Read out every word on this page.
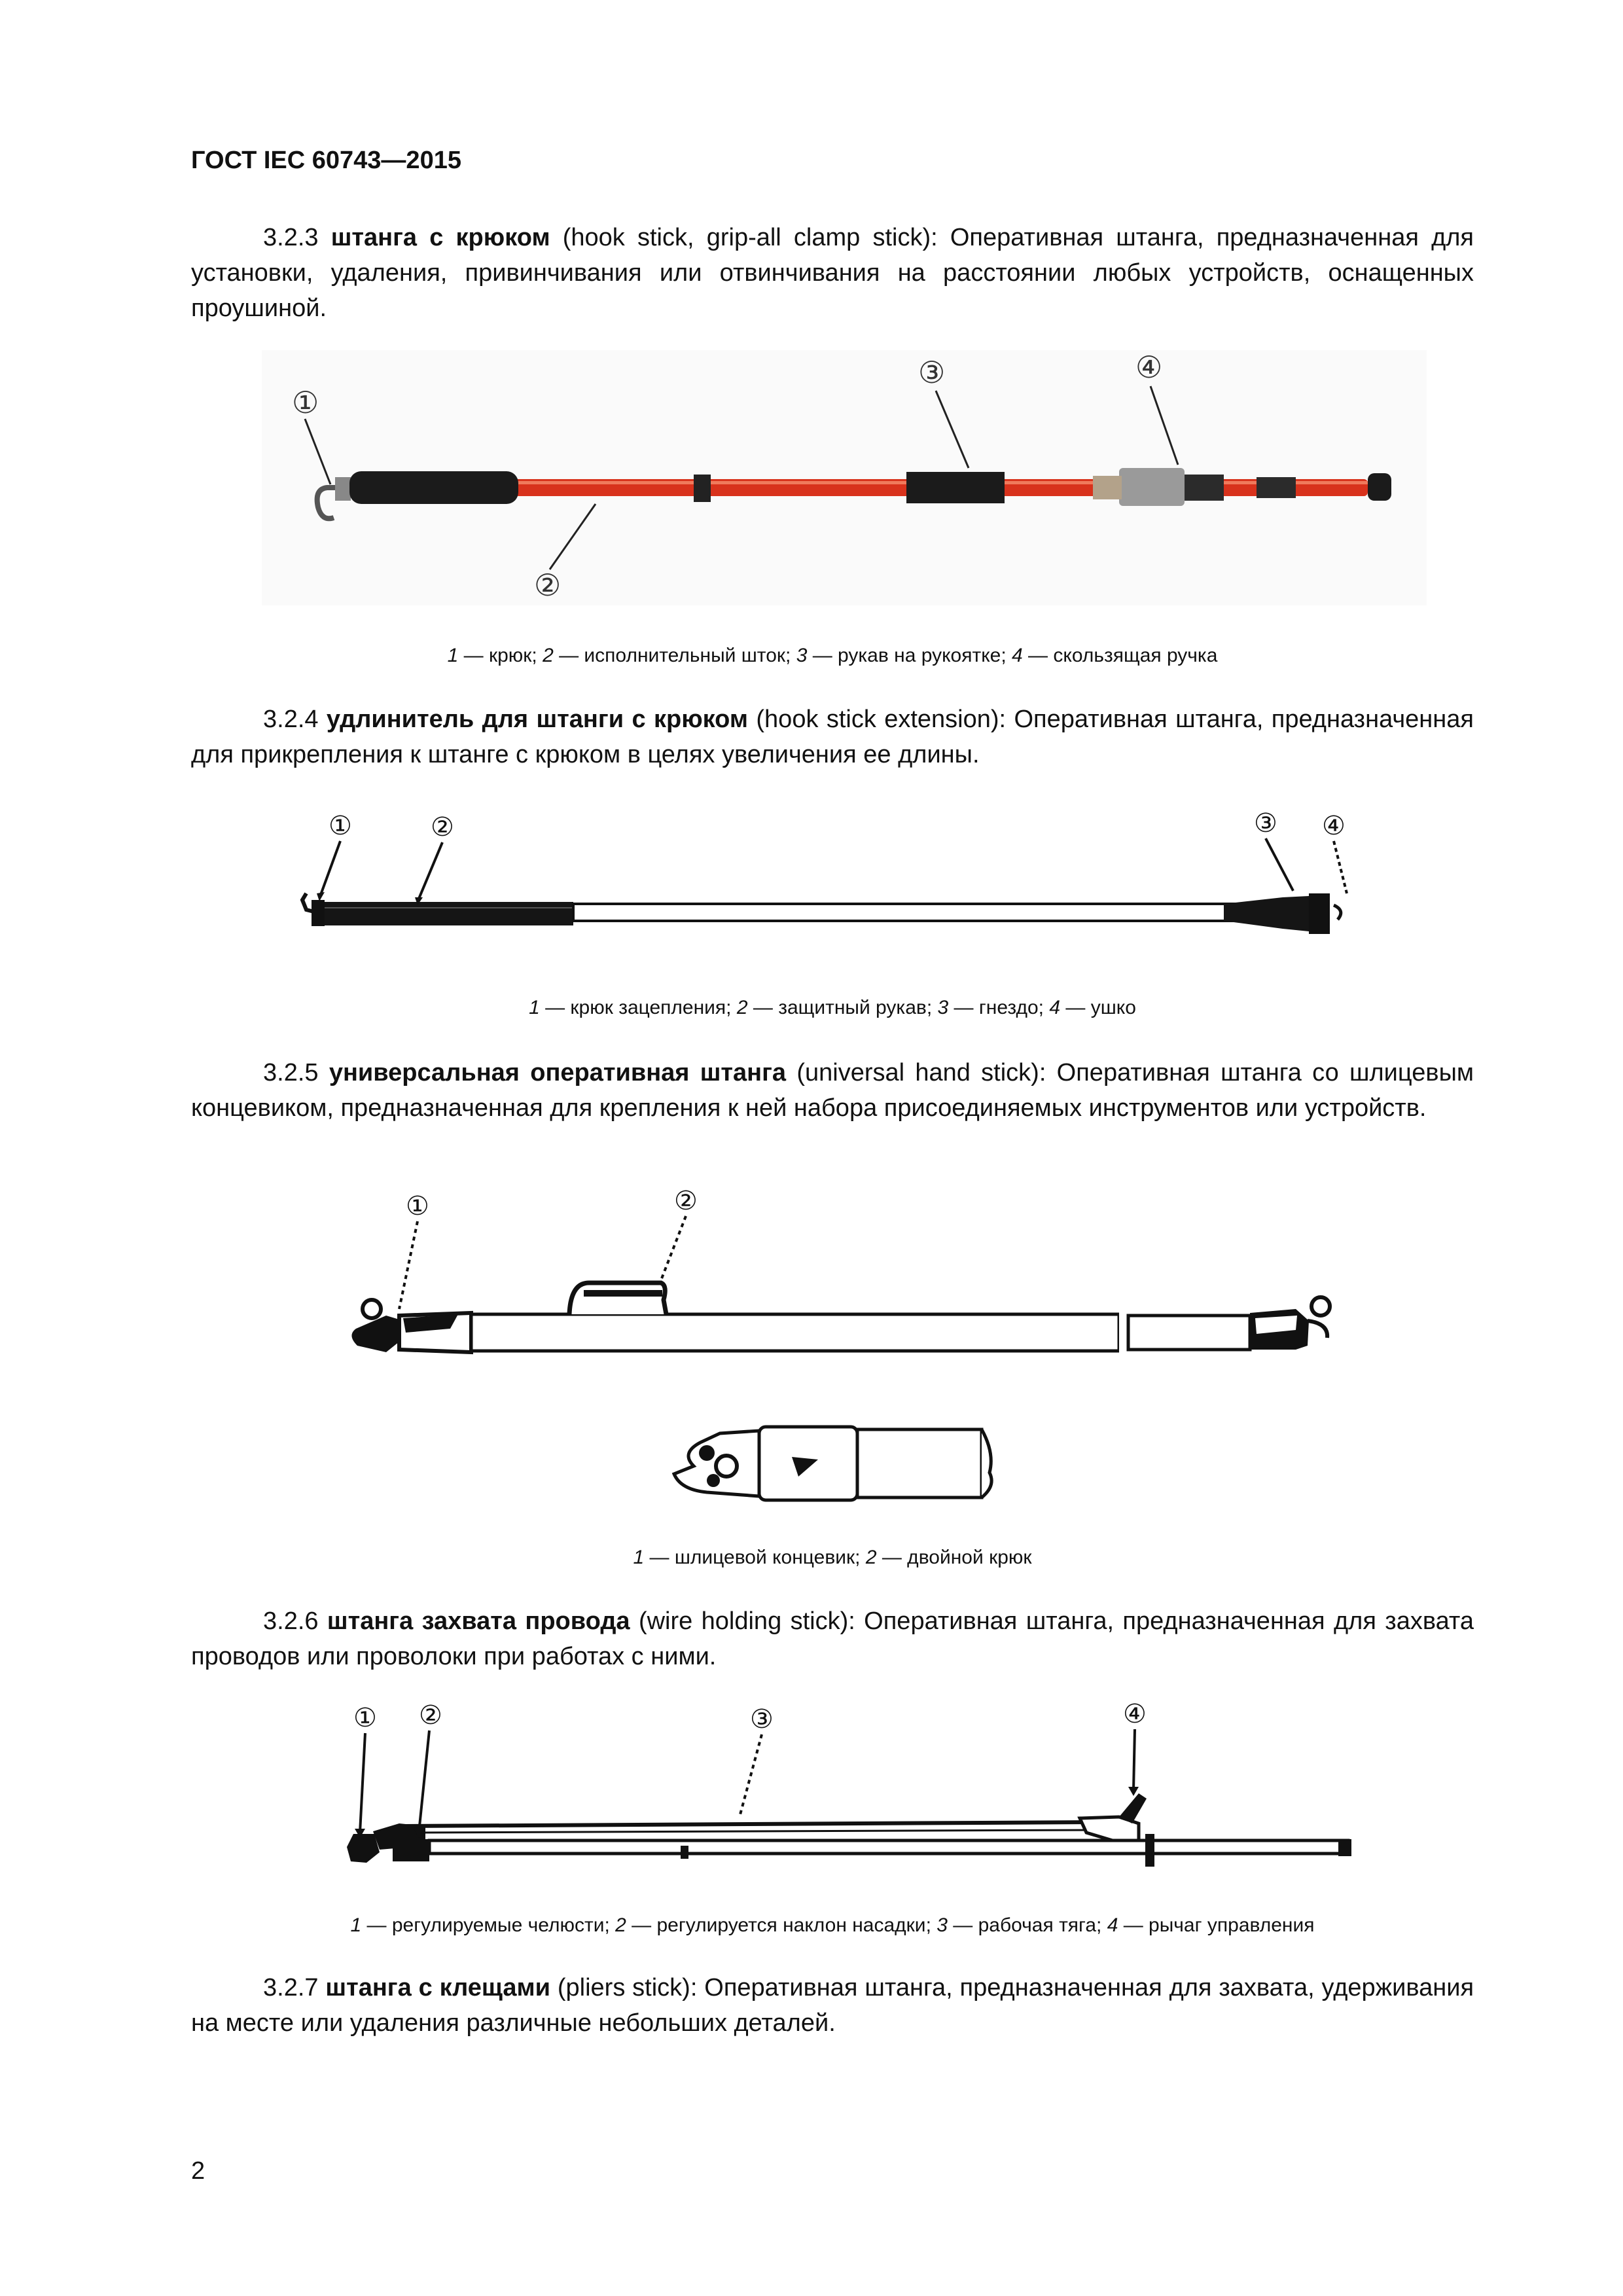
ГОСТ IEC 60743—2015

3.2.3 штанга с крюком (hook stick, grip-all clamp stick): Оперативная штанга, предназначенная для установки, удаления, привинчивания или отвинчивания на расстоянии любых устройств, оснащенных проушиной.

①
②
③	④
1 — крюк; 2 — исполнительный шток; 3 — рукав на рукоятке; 4 — скользящая ручка

3.2.4 удлинитель для штанги с крюком (hook stick extension): Оперативная штанга, предназначенная для прикрепления к штанге с крюком в целях увеличения ее длины.

①	②	③ ④
1 — крюк зацепления; 2 — защитный рукав; 3 — гнездо; 4 — ушко

3.2.5 универсальная оперативная штанга (universal hand stick): Оперативная штанга со шлицевым концевиком, предназначенная для крепления к ней набора присоединяемых инструментов или устройств.

①	②
1 — шлицевой концевик; 2 — двойной крюк

3.2.6 штанга захвата провода (wire holding stick): Оперативная штанга, предназначенная для захвата проводов или проволоки при работах с ними.

① ②	③	④
1 — регулируемые челюсти; 2 — регулируется наклон насадки; 3 — рабочая тяга; 4 — рычаг управления

3.2.7 штанга с клещами (pliers stick): Оперативная штанга, предназначенная для захвата, удерживания на месте или удаления различные небольших деталей.

2
